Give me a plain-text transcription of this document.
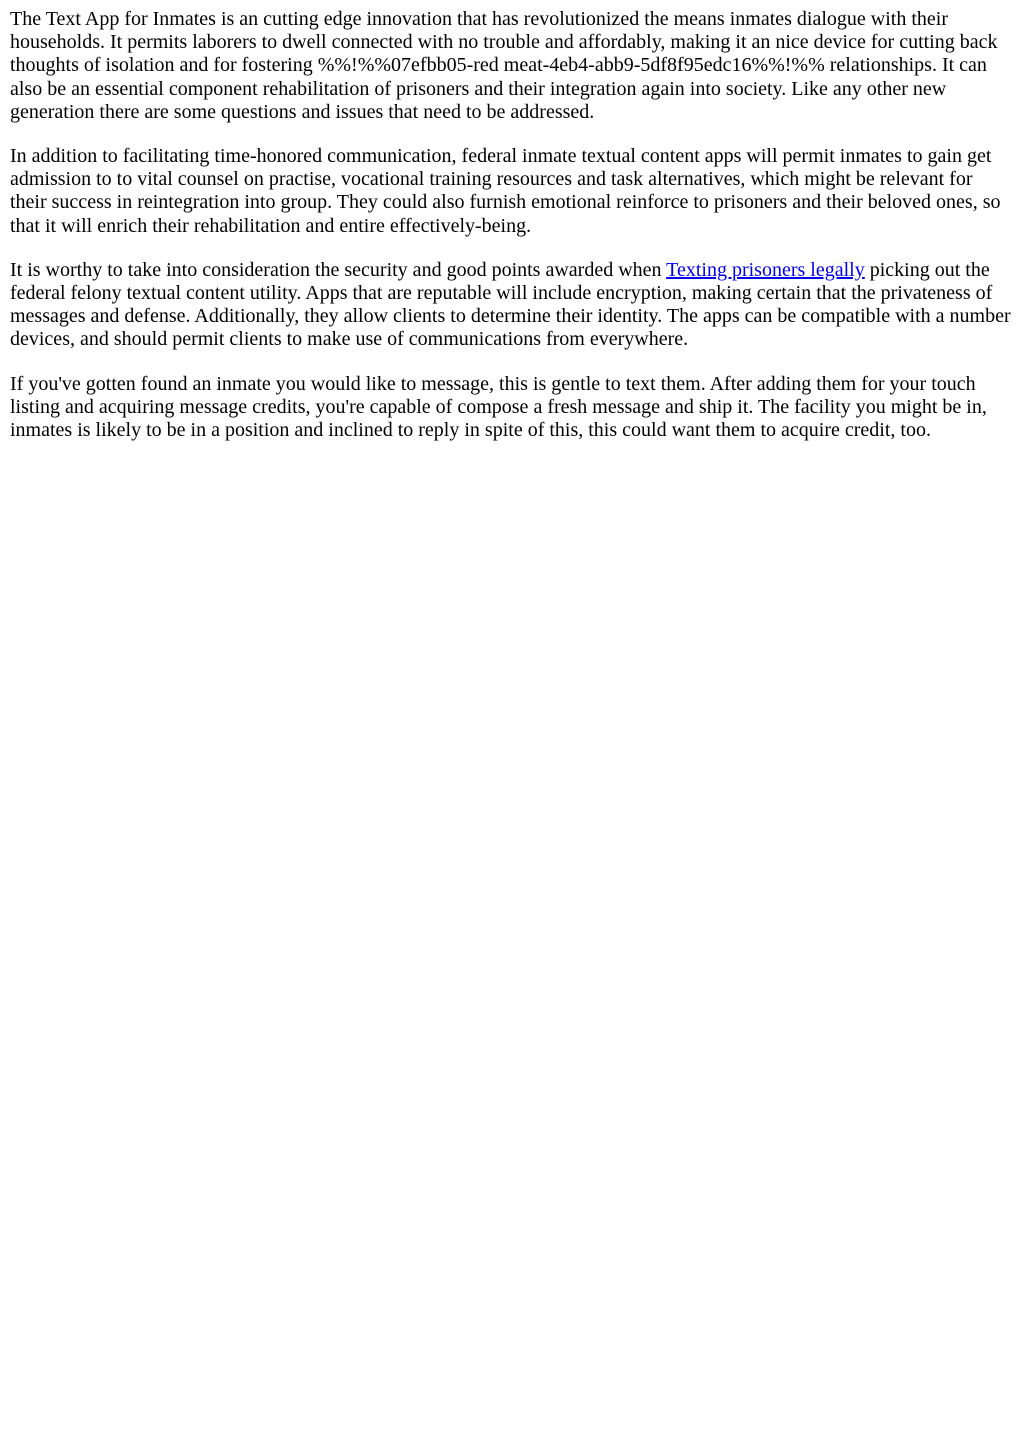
The Text App for Inmates is an cutting edge innovation that has revolutionized the means inmates dialogue with their households. It permits laborers to dwell connected with no trouble and affordably, making it an nice device for cutting back thoughts of isolation and for fostering %%!%%07efbb05-red meat-4eb4-abb9-5df8f95edc16%%!%% relationships. It can also be an essential component rehabilitation of prisoners and their integration again into society. Like any other new generation there are some questions and issues that need to be addressed.

In addition to facilitating time-honored communication, federal inmate textual content apps will permit inmates to gain get admission to to vital counsel on practise, vocational training resources and task alternatives, which might be relevant for their success in reintegration into group. They could also furnish emotional reinforce to prisoners and their beloved ones, so that it will enrich their rehabilitation and entire effectively-being.

It is worthy to take into consideration the security and good points awarded when Texting prisoners legally picking out the federal felony textual content utility. Apps that are reputable will include encryption, making certain that the privateness of messages and defense. Additionally, they allow clients to determine their identity. The apps can be compatible with a number devices, and should permit clients to make use of communications from everywhere.

If you've gotten found an inmate you would like to message, this is gentle to text them. After adding them for your touch listing and acquiring message credits, you're capable of compose a fresh message and ship it. The facility you might be in, inmates is likely to be in a position and inclined to reply in spite of this, this could want them to acquire credit, too.
